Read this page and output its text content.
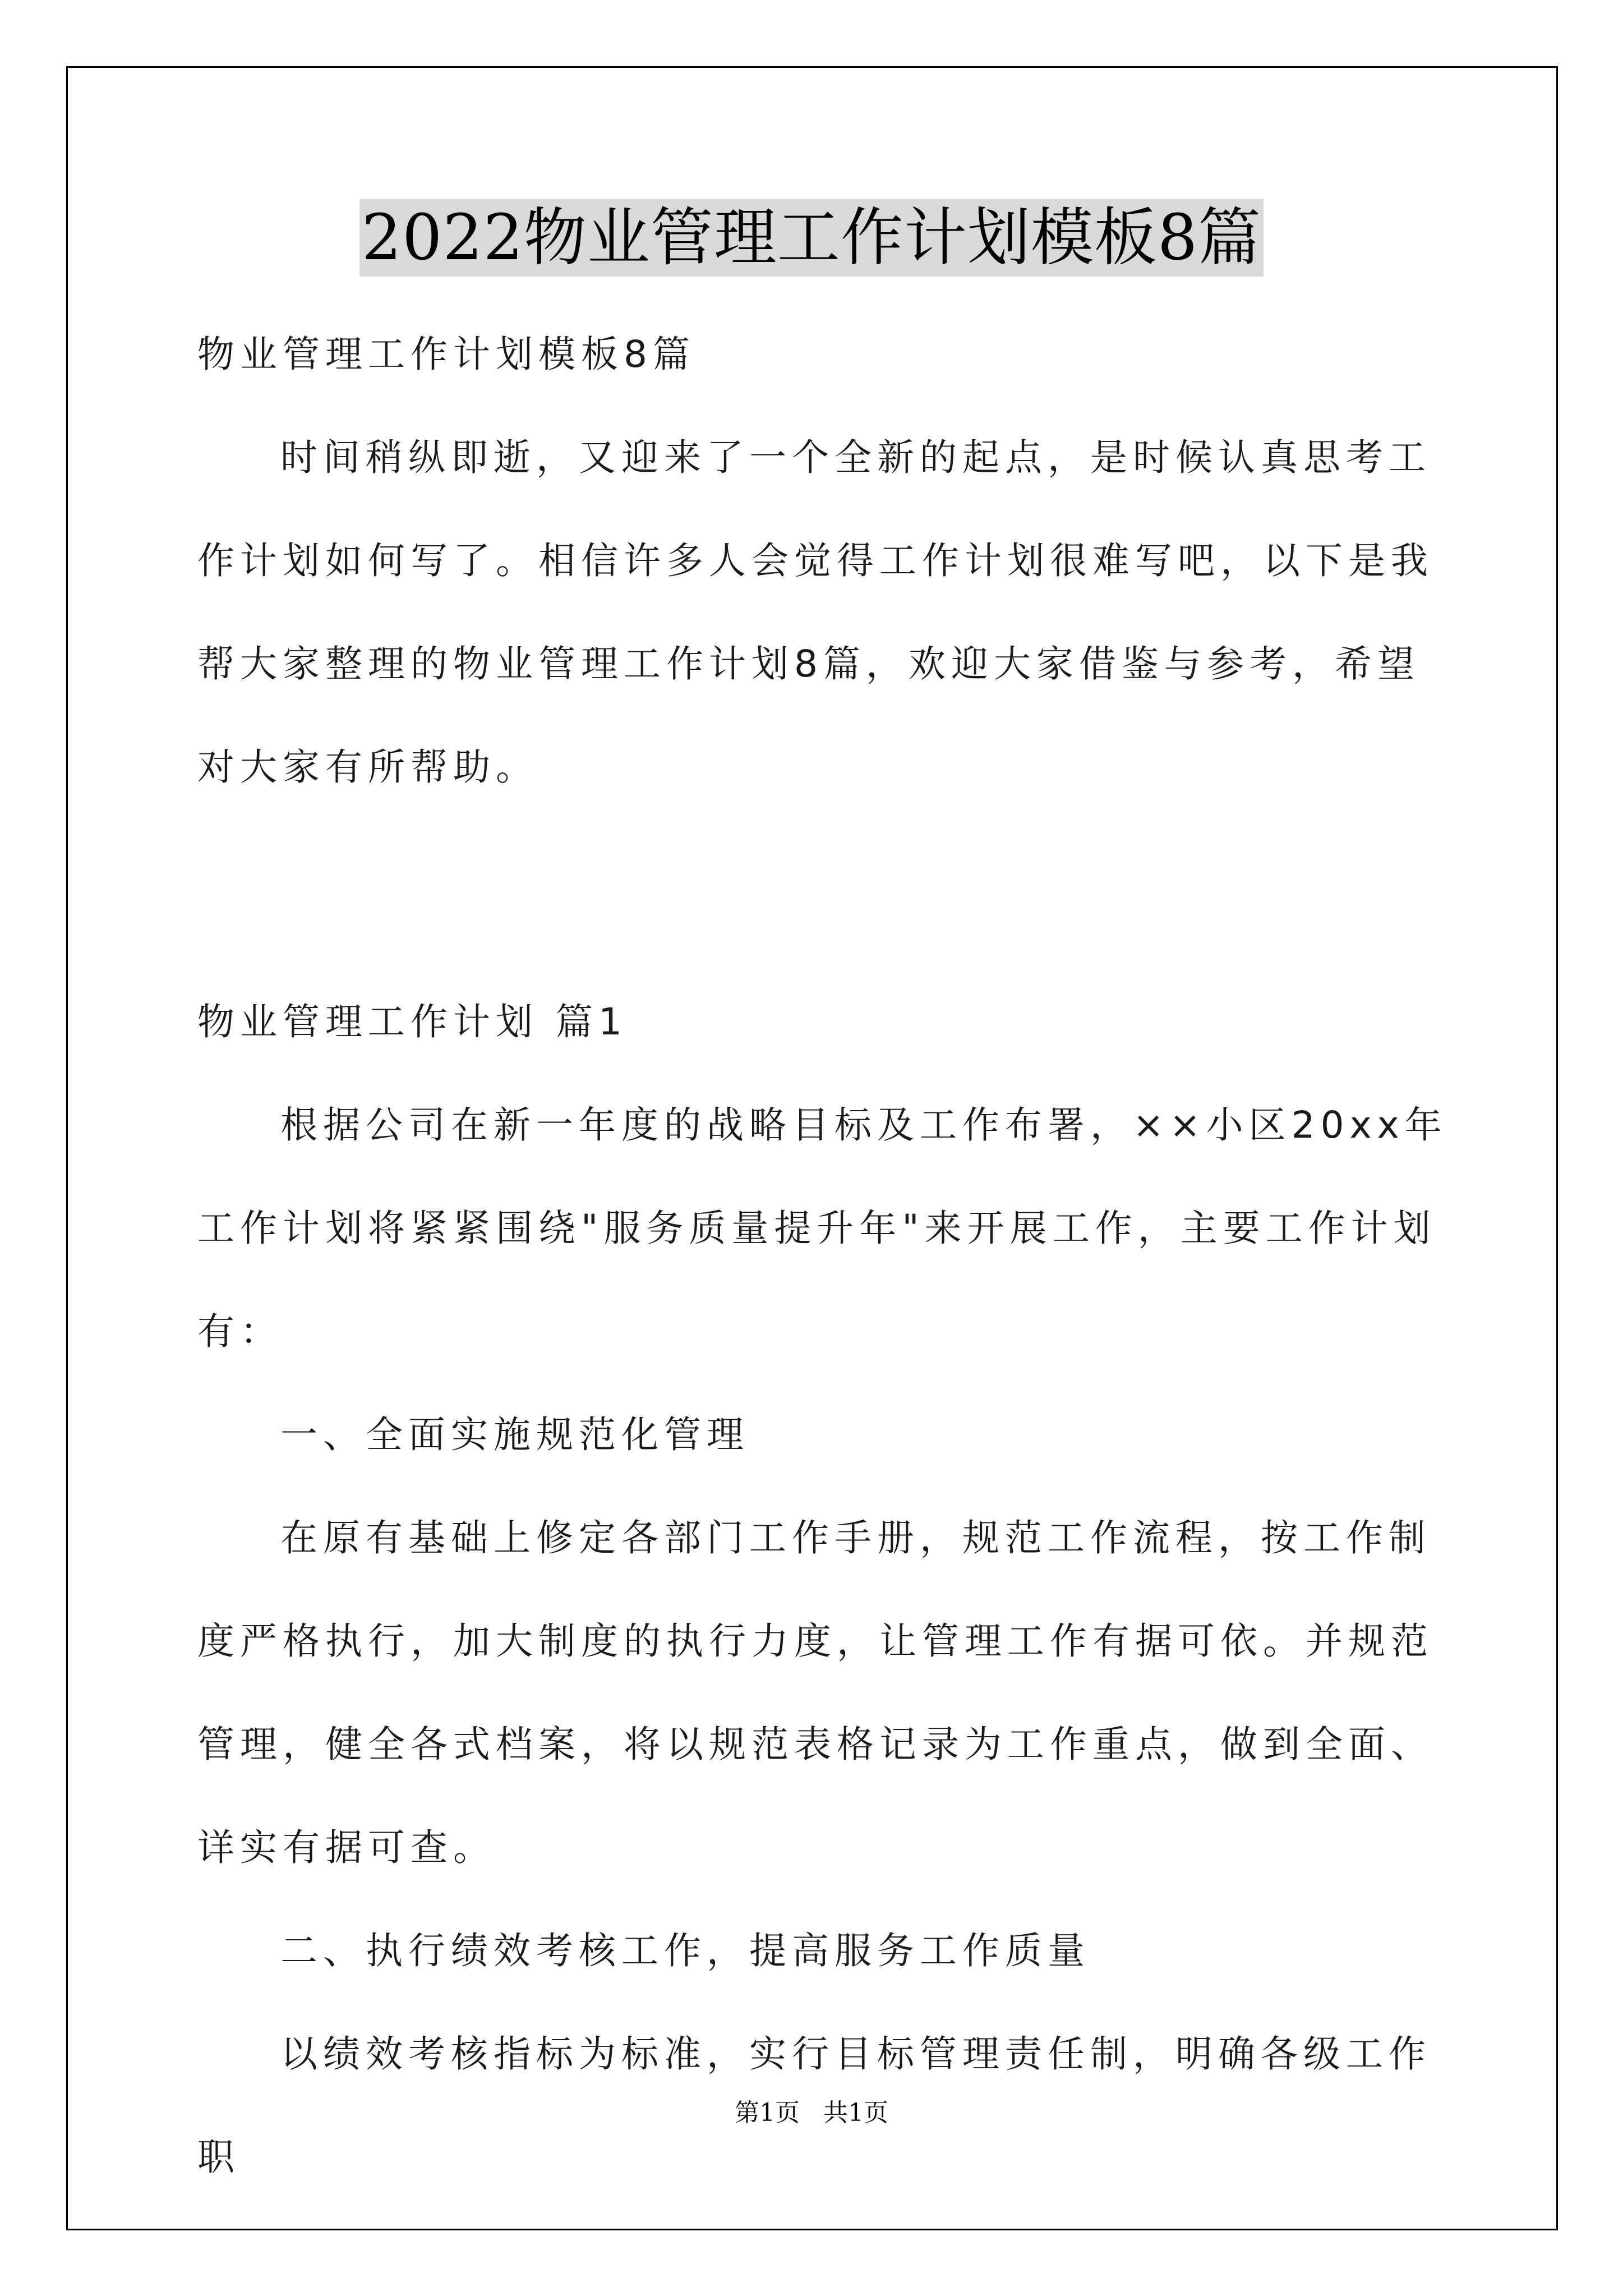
2022物业管理工作计划模板8篇

物业管理工作计划模板8篇

时间稍纵即逝，又迎来了一个全新的起点，是时候认真思考工作计划如何写了。相信许多人会觉得工作计划很难写吧，以下是我帮大家整理的物业管理工作计划8篇，欢迎大家借鉴与参考，希望对大家有所帮助。

物业管理工作计划 篇1

根据公司在新一年度的战略目标及工作布署，××小区20xx年工作计划将紧紧围绕"服务质量提升年"来开展工作，主要工作计划有：

一、全面实施规范化管理

在原有基础上修定各部门工作手册，规范工作流程，按工作制度严格执行，加大制度的执行力度，让管理工作有据可依。并规范管理，健全各式档案，将以规范表格记录为工作重点，做到全面、详实有据可查。

二、执行绩效考核工作，提高服务工作质量

以绩效考核指标为标准，实行目标管理责任制，明确各级工作职

第1页 共1页
